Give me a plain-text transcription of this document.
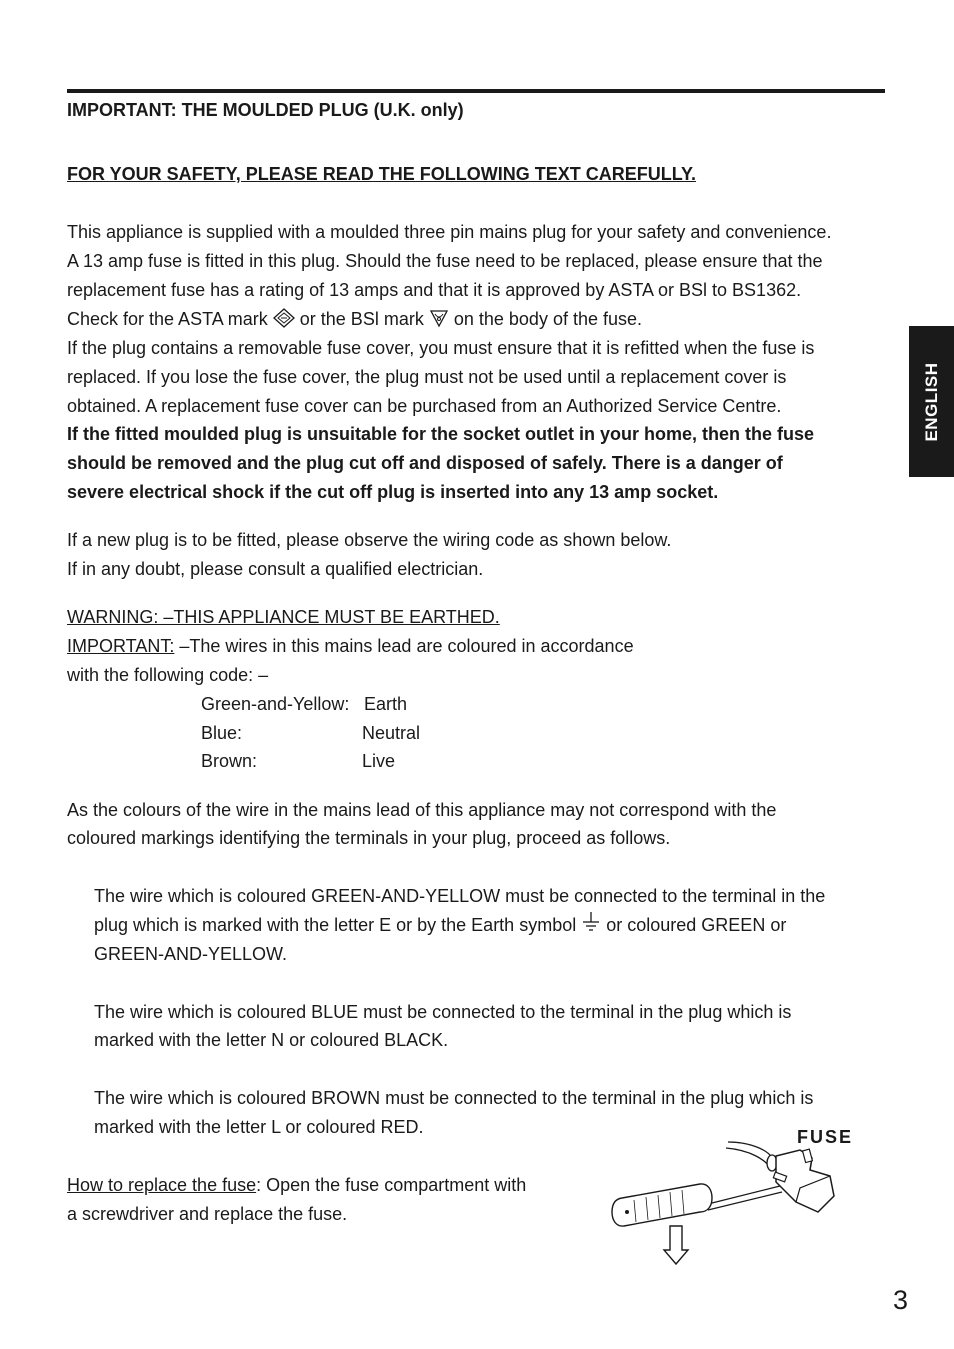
IMPORTANT: THE MOULDED PLUG (U.K. only)
FOR YOUR SAFETY, PLEASE READ THE FOLLOWING TEXT CAREFULLY.
This appliance is supplied with a moulded three pin mains plug for your safety and convenience.
A 13 amp fuse is fitted in this plug. Should the fuse need to be replaced, please ensure that the
replacement fuse has a rating of 13 amps and that it is approved by ASTA or BSl to BS1362.
Check for the ASTA mark or the BSl mark on the body of the fuse.
If the plug contains a removable fuse cover, you must ensure that it is refitted when the fuse is
replaced. If you lose the fuse cover, the plug must not be used until a replacement cover is
obtained. A replacement fuse cover can be purchased from an Authorized Service Centre.
If the fitted moulded plug is unsuitable for the socket outlet in your home, then the fuse
should be removed and the plug cut off and disposed of safely. There is a danger of
severe electrical shock if the cut off plug is inserted into any 13 amp socket.
If a new plug is to be fitted, please observe the wiring code as shown below.
If in any doubt, please consult a qualified electrician.
WARNING: –THIS APPLIANCE MUST BE EARTHED.
IMPORTANT: –The wires in this mains lead are coloured in accordance
with the following code: –
Green-and-Yellow: Earth
Blue:	Neutral
Brown:	Live
As the colours of the wire in the mains lead of this appliance may not correspond with the
coloured markings identifying the terminals in your plug, proceed as follows.
The wire which is coloured GREEN-AND-YELLOW must be connected to the terminal in the
plug which is marked with the letter E or by the Earth symbol or coloured GREEN or
GREEN-AND-YELLOW.
The wire which is coloured BLUE must be connected to the terminal in the plug which is
marked with the letter N or coloured BLACK.
The wire which is coloured BROWN must be connected to the terminal in the plug which is
marked with the letter L or coloured RED.
How to replace the fuse: Open the fuse compartment with
a screwdriver and replace the fuse.
FUSE
ENGLISH
3
